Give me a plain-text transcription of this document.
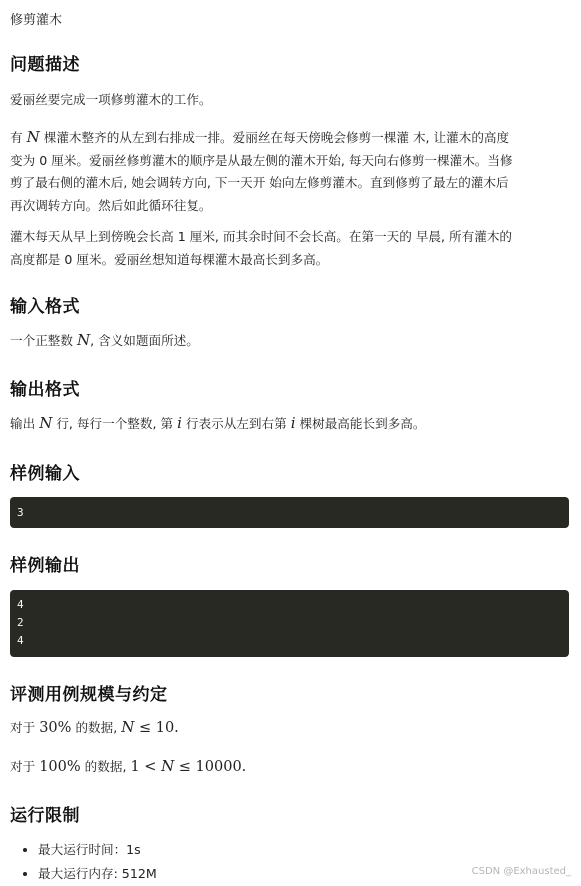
修剪灌木
问题描述

爱丽丝要完成一项修剪灌木的工作。

有 N 棵灌木整齐的从左到右排成一排。爱丽丝在每天傍晚会修剪一棵灌 木, 让灌木的高度
变为 0 厘米。爱丽丝修剪灌木的顺序是从最左侧的灌木开始, 每天向右修剪一棵灌木。当修
剪了最右侧的灌木后, 她会调转方向, 下一天开 始向左修剪灌木。直到修剪了最左的灌木后
再次调转方向。然后如此循环往复。
灌木每天从早上到傍晚会长高 1 厘米, 而其余时间不会长高。在第一天的 早晨, 所有灌木的
高度都是 0 厘米。爱丽丝想知道每棵灌木最高长到多高。
输入格式
一个正整数 N, 含义如题面所述。
输出格式
输出 N 行, 每行一个整数, 第 i 行表示从左到右第 i 棵树最高能长到多高。
样例输入
3
样例输出
4
2
4
评测用例规模与约定
对于 30% 的数据, N ≤ 10.
对于 100% 的数据, 1 < N ≤ 10000.
运行限制
• 最大运行时间：1s
• 最大运行内存: 512M	CSDN @Exhausted_
